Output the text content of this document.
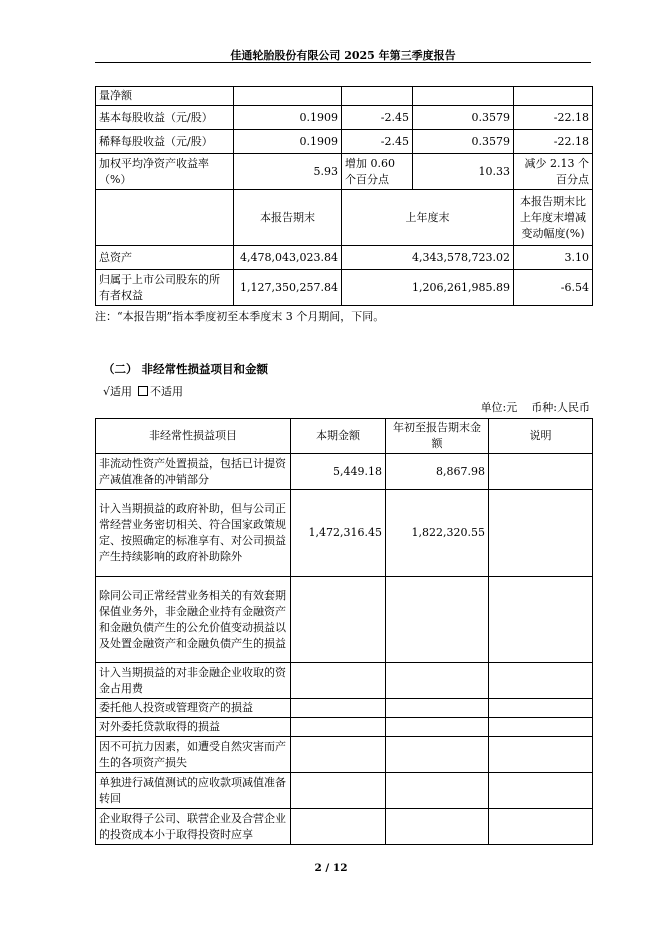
佳通轮胎股份有限公司 2025 年第三季度报告
量净额				
基本每股收益（元/股）	0.1909	-2.45	0.3579	-22.18
稀释每股收益（元/股）	0.1909	-2.45	0.3579	-22.18
加权平均净资产收益率（%）	5.93	增加 0.60 个百分点	10.33	减少 2.13 个百分点
	本报告期末	上年度末		本报告期末比上年度末增减变动幅度(%)
总资产	4,478,043,023.84	4,343,578,723.02		3.10
归属于上市公司股东的所有者权益	1,127,350,257.84	1,206,261,985.89		-6.54
注：“本报告期”指本季度初至本季度末 3 个月期间，下同。
（二） 非经常性损益项目和金额
√适用 不适用
单位:元 币种:人民币
非经常性损益项目	本期金额	年初至报告期末金额	说明
非流动性资产处置损益，包括已计提资产减值准备的冲销部分	5,449.18	8,867.98	
计入当期损益的政府补助，但与公司正常经营业务密切相关、符合国家政策规定、按照确定的标准享有、对公司损益产生持续影响的政府补助除外	1,472,316.45	1,822,320.55	
除同公司正常经营业务相关的有效套期保值业务外，非金融企业持有金融资产和金融负债产生的公允价值变动损益以及处置金融资产和金融负债产生的损益			
计入当期损益的对非金融企业收取的资金占用费			
委托他人投资或管理资产的损益			
对外委托贷款取得的损益			
因不可抗力因素，如遭受自然灾害而产生的各项资产损失			
单独进行减值测试的应收款项减值准备转回			
企业取得子公司、联营企业及合营企业的投资成本小于取得投资时应享			
2 / 12
